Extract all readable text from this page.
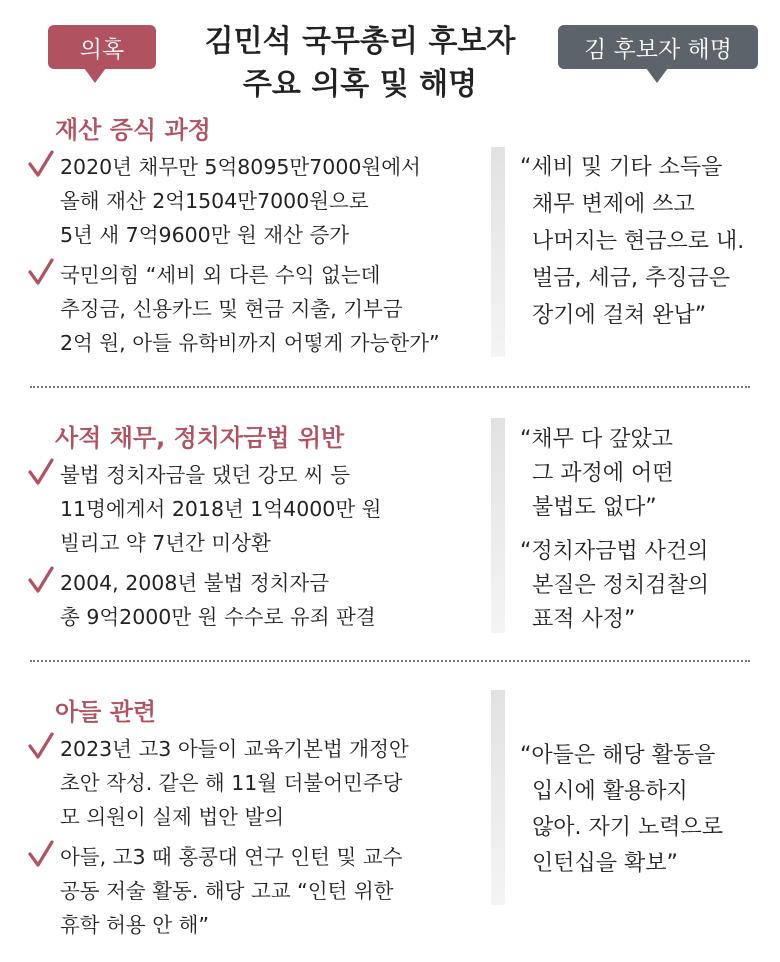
의혹	김 후보자 해명
김민석 국무총리 후보자
주요 의혹 및 해명
재산 증식 과정
2020년 채무만 5억8095만7000원에서
올해 재산 2억1504만7000원으로
5년 새 7억9600만 원 재산 증가
국민의힘 “세비 외 다른 수익 없는데
추징금, 신용카드 및 현금 지출, 기부금
2억 원, 아들 유학비까지 어떻게 가능한가”
“세비 및 기타 소득을
채무 변제에 쓰고
나머지는 현금으로 내.
벌금, 세금, 추징금은
장기에 걸쳐 완납”
사적 채무, 정치자금법 위반
불법 정치자금을 댔던 강모 씨 등
11명에게서 2018년 1억4000만 원
빌리고 약 7년간 미상환
2004, 2008년 불법 정치자금
총 9억2000만 원 수수로 유죄 판결
“채무 다 갚았고
그 과정에 어떤
불법도 없다”
“정치자금법 사건의
본질은 정치검찰의
표적 사정”
아들 관련
2023년 고3 아들이 교육기본법 개정안
초안 작성. 같은 해 11월 더불어민주당
모 의원이 실제 법안 발의
아들, 고3 때 홍콩대 연구 인턴 및 교수
공동 저술 활동. 해당 고교 “인턴 위한
휴학 허용 안 해”
“아들은 해당 활동을
입시에 활용하지
않아. 자기 노력으로
인턴십을 확보”
